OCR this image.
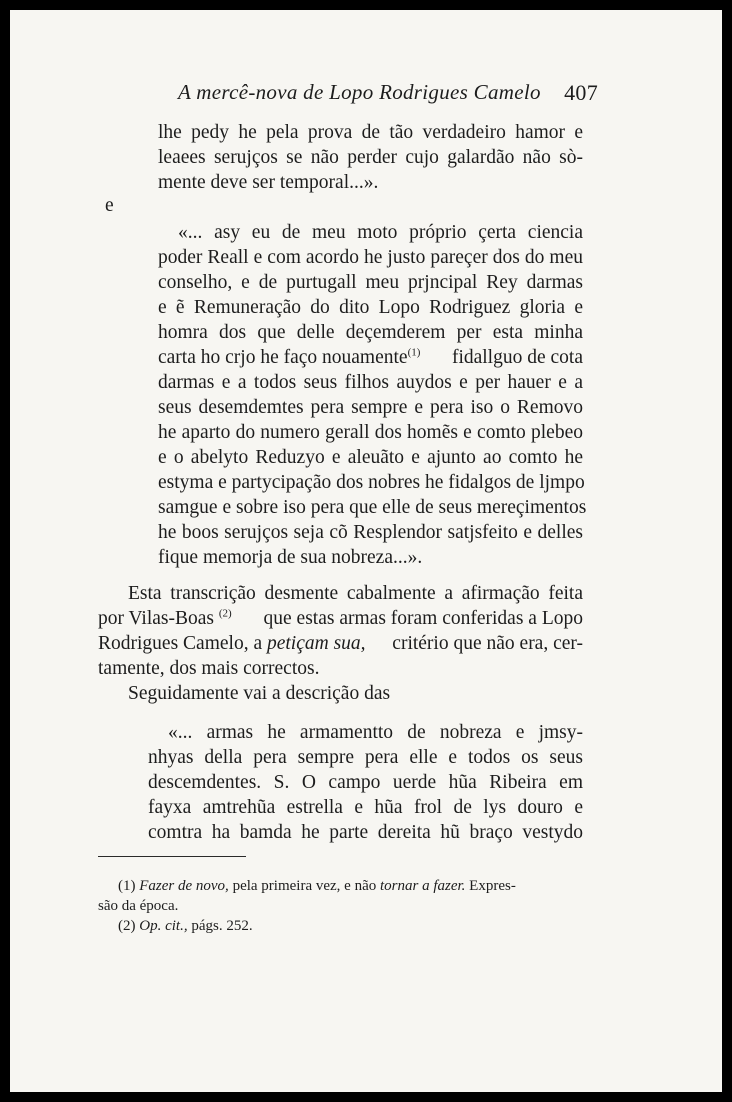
A mercê-nova de Lopo Rodrigues Camelo 407
lhe pedy he pela prova de tão verdadeiro hamor e
leaees serujços se não perder cujo galardão não sò-
mente deve ser temporal...».
e
«... asy eu de meu moto próprio çerta ciencia
poder Reall e com acordo he justo pareçer dos do meu
conselho, e de purtugall meu prjncipal Rey darmas
e ẽ Remuneração do dito Lopo Rodriguez gloria e
homra dos que delle deçemderem per esta minha
carta ho crjo he faço nouamente$^{(1)}$ fidallguo de cota
darmas e a todos seus filhos auydos e per hauer e a
seus desemdemtes pera sempre e pera iso o Removo
he aparto do numero gerall dos homẽs e comto plebeo
e o abelyto Reduzyo e aleuãto e ajunto ao comto he
estyma e partycipação dos nobres he fidalgos de ljmpo
samgue e sobre iso pera que elle de seus mereçimentos
he boos serujços seja cõ Resplendor satjsfeito e delles
fique memorja de sua nobreza...».
Esta transcrição desmente cabalmente a afirmação feita
por Vilas-Boas $^{(2)}$ que estas armas foram conferidas a Lopo
Rodrigues Camelo, a petiçam sua, critério que não era, cer-
tamente, dos mais correctos.
Seguidamente vai a descrição das
«... armas he armamentto de nobreza e jmsy-
nhyas della pera sempre pera elle e todos os seus
descemdentes. S. O campo uerde hũa Ribeira em
fayxa amtrehũa estrella e hũa frol de lys douro e
comtra ha bamda he parte dereita hũ braço vestydo
(1) Fazer de novo, pela primeira vez, e não tornar a fazer. Expres-
são da época.
(2) Op. cit., págs. 252.
